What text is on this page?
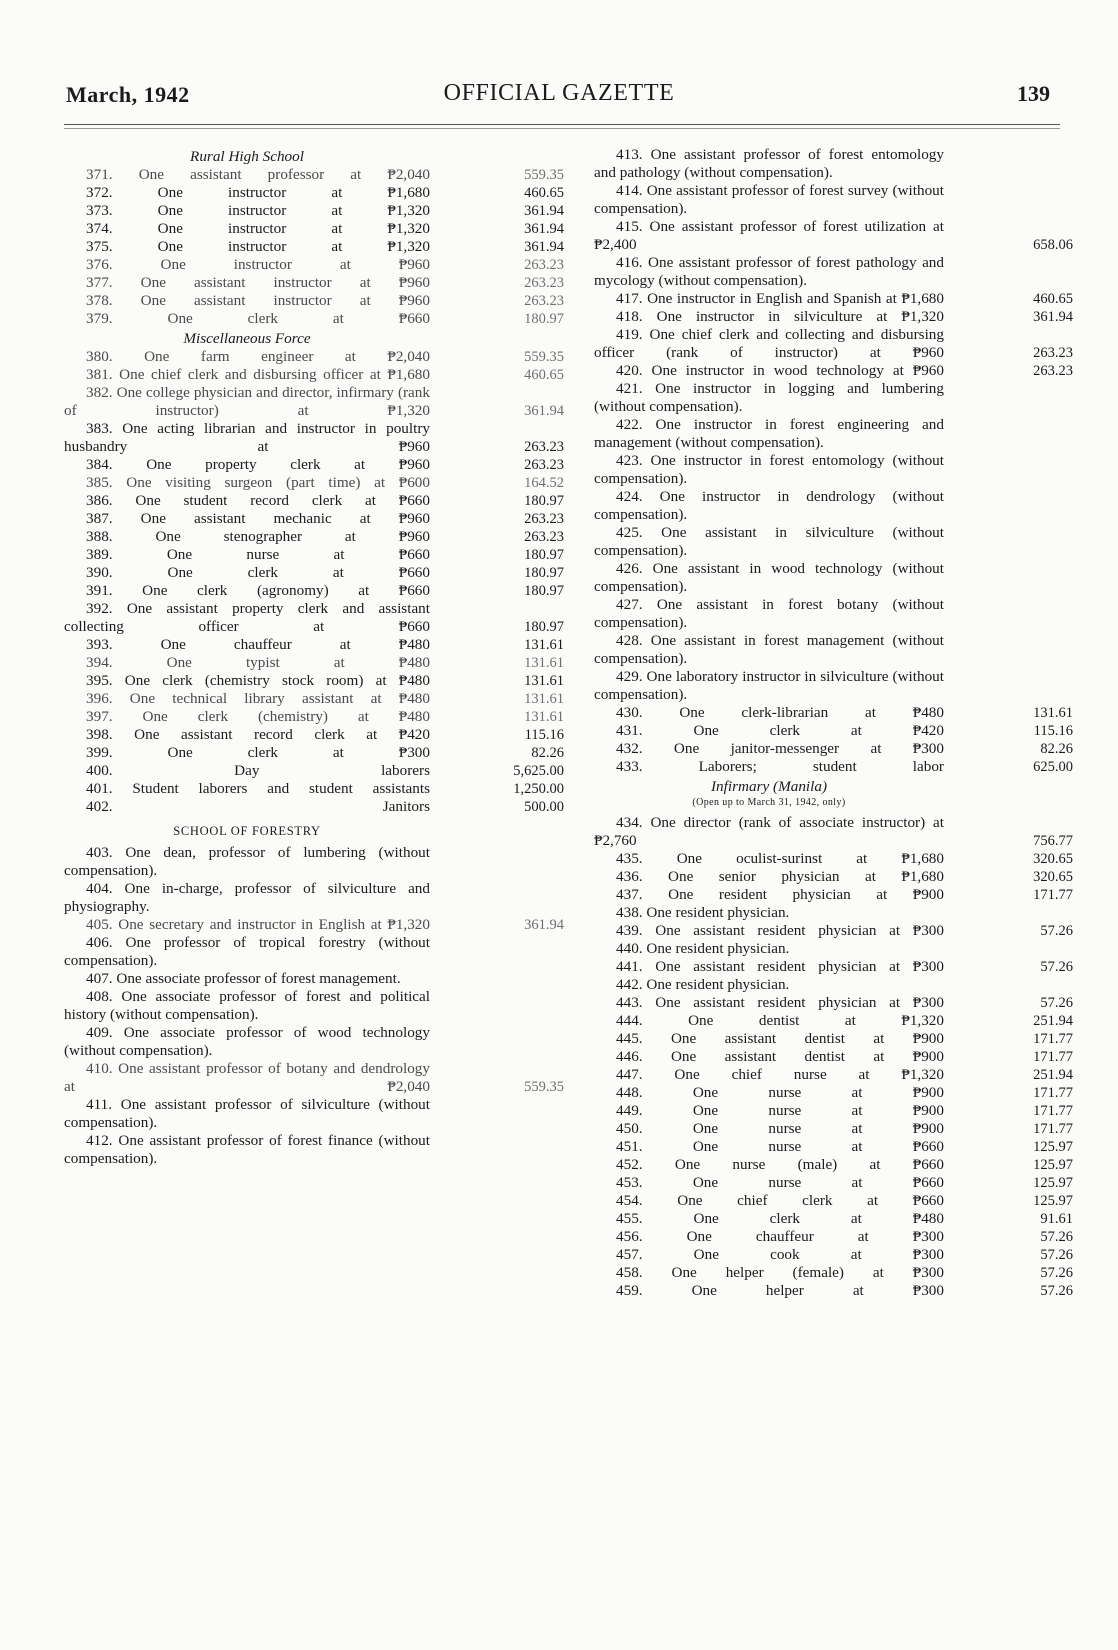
March, 1942	OFFICIAL GAZETTE	139
Rural High School
371. One assistant professor at ₱2,040	559.35
372. One instructor at ₱1,680	460.65
373. One instructor at ₱1,320	361.94
374. One instructor at ₱1,320	361.94
375. One instructor at ₱1,320	361.94
376. One instructor at ₱960	263.23
377. One assistant instructor at ₱960	263.23
378. One assistant instructor at ₱960	263.23
379. One clerk at ₱660	180.97
Miscellaneous Force
380. One farm engineer at ₱2,040	559.35
381. One chief clerk and disbursing officer at ₱1,680	460.65
382. One college physician and director, infirmary (rank of instructor) at ₱1,320	361.94
383. One acting librarian and instructor in poultry husbandry at ₱960	263.23
384. One property clerk at ₱960	263.23
385. One visiting surgeon (part time) at ₱600	164.52
386. One student record clerk at ₱660	180.97
387. One assistant mechanic at ₱960	263.23
388. One stenographer at ₱960	263.23
389. One nurse at ₱660	180.97
390. One clerk at ₱660	180.97
391. One clerk (agronomy) at ₱660	180.97
392. One assistant property clerk and assistant collecting officer at ₱660	180.97
393. One chauffeur at ₱480	131.61
394. One typist at ₱480	131.61
395. One clerk (chemistry stock room) at ₱480	131.61
396. One technical library assistant at ₱480	131.61
397. One clerk (chemistry) at ₱480	131.61
398. One assistant record clerk at ₱420	115.16
399. One clerk at ₱300	82.26
400. Day laborers	5,625.00
401. Student laborers and student assistants	1,250.00
402. Janitors	500.00
SCHOOL OF FORESTRY
403. One dean, professor of lumbering (without compensation).
404. One in-charge, professor of silviculture and physiography.
405. One secretary and instructor in English at ₱1,320	361.94
406. One professor of tropical forestry (without compensation).
407. One associate professor of forest management.
408. One associate professor of forest and political history (without compensation).
409. One associate professor of wood technology (without compensation).
410. One assistant professor of botany and dendrology at ₱2,040	559.35
411. One assistant professor of silviculture (without compensation).
412. One assistant professor of forest finance (without compensation).
413. One assistant professor of forest entomology and pathology (without compensation).
414. One assistant professor of forest survey (without compensation).
415. One assistant professor of forest utilization at ₱2,400	658.06
416. One assistant professor of forest pathology and mycology (without compensation).
417. One instructor in English and Spanish at ₱1,680	460.65
418. One instructor in silviculture at ₱1,320	361.94
419. One chief clerk and collecting and disbursing officer (rank of instructor) at ₱960	263.23
420. One instructor in wood technology at ₱960	263.23
421. One instructor in logging and lumbering (without compensation).
422. One instructor in forest engineering and management (without compensation).
423. One instructor in forest entomology (without compensation).
424. One instructor in dendrology (without compensation).
425. One assistant in silviculture (without compensation).
426. One assistant in wood technology (without compensation).
427. One assistant in forest botany (without compensation).
428. One assistant in forest management (without compensation).
429. One laboratory instructor in silviculture (without compensation).
430. One clerk-librarian at ₱480	131.61
431. One clerk at ₱420	115.16
432. One janitor-messenger at ₱300	82.26
433. Laborers; student labor	625.00
Infirmary (Manila)
(Open up to March 31, 1942, only)
434. One director (rank of associate instructor) at ₱2,760	756.77
435. One oculist-surinst at ₱1,680	320.65
436. One senior physician at ₱1,680	320.65
437. One resident physician at ₱900	171.77
438. One resident physician.
439. One assistant resident physician at ₱300	57.26
440. One resident physician.
441. One assistant resident physician at ₱300	57.26
442. One resident physician.
443. One assistant resident physician at ₱300	57.26
444. One dentist at ₱1,320	251.94
445. One assistant dentist at ₱900	171.77
446. One assistant dentist at ₱900	171.77
447. One chief nurse at ₱1,320	251.94
448. One nurse at ₱900	171.77
449. One nurse at ₱900	171.77
450. One nurse at ₱900	171.77
451. One nurse at ₱660	125.97
452. One nurse (male) at ₱660	125.97
453. One nurse at ₱660	125.97
454. One chief clerk at ₱660	125.97
455. One clerk at ₱480	91.61
456. One chauffeur at ₱300	57.26
457. One cook at ₱300	57.26
458. One helper (female) at ₱300	57.26
459. One helper at ₱300	57.26
